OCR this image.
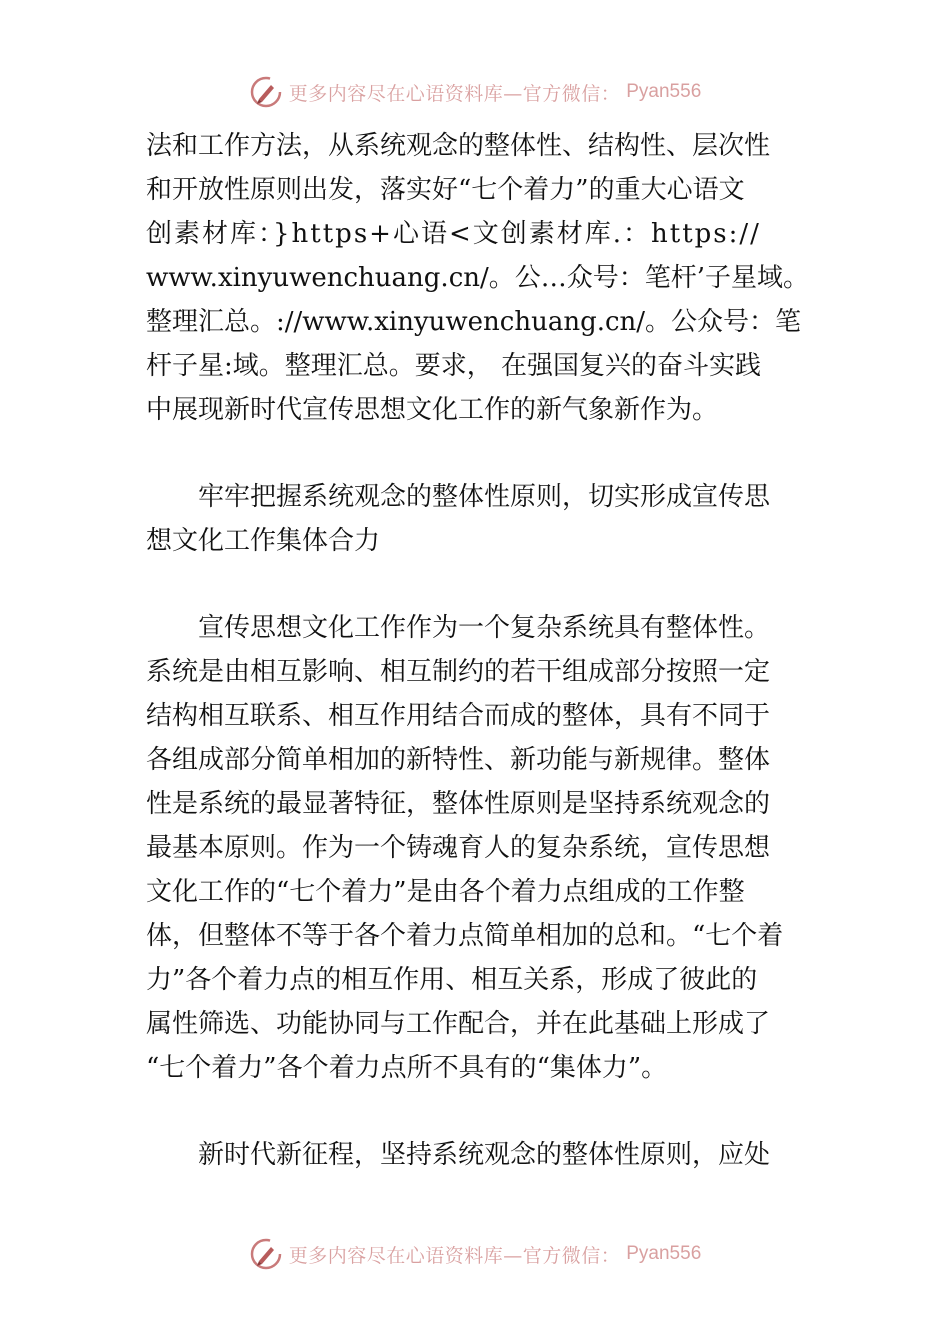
更多内容尽在心语资料库—官方微信： Pyan556

法和工作方法，从系统观念的整体性、结构性、层次性
和开放性原则出发，落实好“七个着力”的重大心语文
创素材库：}https+心语<文创素材库.：https://
www.xinyuwenchuang.cn/。公…众号：笔杆’子星域。
整理汇总。://www.xinyuwenchuang.cn/。公众号：笔
杆子星:域。整理汇总。要求， 在强国复兴的奋斗实践
中展现新时代宣传思想文化工作的新气象新作为。

牢牢把握系统观念的整体性原则，切实形成宣传思
想文化工作集体合力

宣传思想文化工作作为一个复杂系统具有整体性。
系统是由相互影响、相互制约的若干组成部分按照一定
结构相互联系、相互作用结合而成的整体，具有不同于
各组成部分简单相加的新特性、新功能与新规律。整体
性是系统的最显著特征，整体性原则是坚持系统观念的
最基本原则。作为一个铸魂育人的复杂系统，宣传思想
文化工作的“七个着力”是由各个着力点组成的工作整
体，但整体不等于各个着力点简单相加的总和。“七个着
力”各个着力点的相互作用、相互关系，形成了彼此的
属性筛选、功能协同与工作配合，并在此基础上形成了
“七个着力”各个着力点所不具有的“集体力”。

新时代新征程，坚持系统观念的整体性原则，应处

更多内容尽在心语资料库—官方微信： Pyan556
